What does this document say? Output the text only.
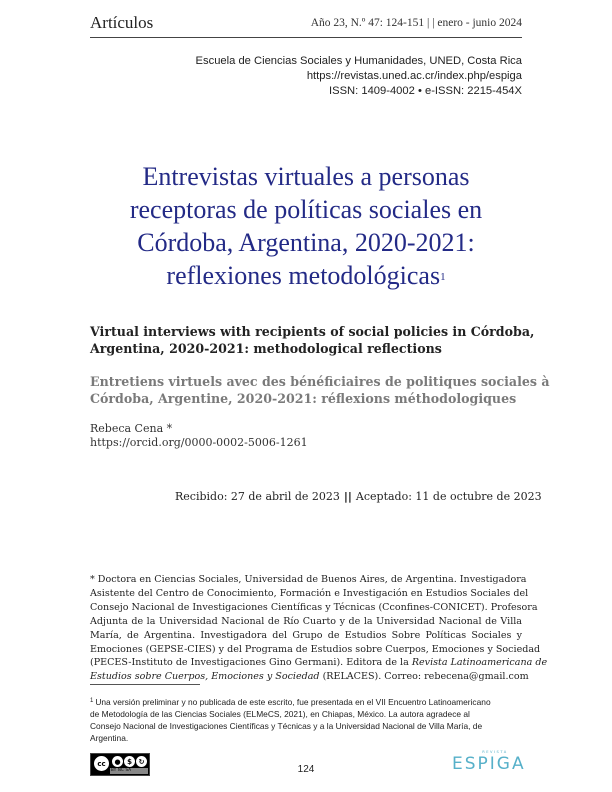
Artículos	Año 23, N.º 47: 124-151 | | enero - junio 2024
Escuela de Ciencias Sociales y Humanidades, UNED, Costa Rica
https://revistas.uned.ac.cr/index.php/espiga
ISSN: 1409-4002 • e-ISSN: 2215-454X
Entrevistas virtuales a personas
receptoras de políticas sociales en
Córdoba, Argentina, 2020-2021:
reflexiones metodológicas$^1$
Virtual interviews with recipients of social policies in Córdoba,
Argentina, 2020-2021: methodological reflections
Entretiens virtuels avec des bénéficiaires de politiques sociales à
Córdoba, Argentine, 2020-2021: réflexions méthodologiques
Rebeca Cena *
https://orcid.org/0000-0002-5006-1261
Recibido: 27 de abril de 2023 || Aceptado: 11 de octubre de 2023
* Doctora en Ciencias Sociales, Universidad de Buenos Aires, de Argentina. Investigadora
Asistente del Centro de Conocimiento, Formación e Investigación en Estudios Sociales del
Consejo Nacional de Investigaciones Científicas y Técnicas (Cconfines-CONICET). Profesora
Adjunta de la Universidad Nacional de Río Cuarto y de la Universidad Nacional de Villa
María, de Argentina. Investigadora del Grupo de Estudios Sobre Políticas Sociales y
Emociones (GEPSE-CIES) y del Programa de Estudios sobre Cuerpos, Emociones y Sociedad
(PECES-Instituto de Investigaciones Gino Germani). Editora de la Revista Latinoamericana de
Estudios sobre Cuerpos, Emociones y Sociedad (RELACES). Correo: rebecena@gmail.com
$^1$ Una versión preliminar y no publicada de este escrito, fue presentada en el VII Encuentro Latinoamericano
de Metodología de las Ciencias Sociales (ELMeCS, 2021), en Chiapas, México. La autora agradece al
Consejo Nacional de Investigaciones Científicas y Técnicas y a la Universidad Nacional de Villa María, de
Argentina.
cc	● $ ↻
BY NC SA	124
REVISTA
ESPIGA
